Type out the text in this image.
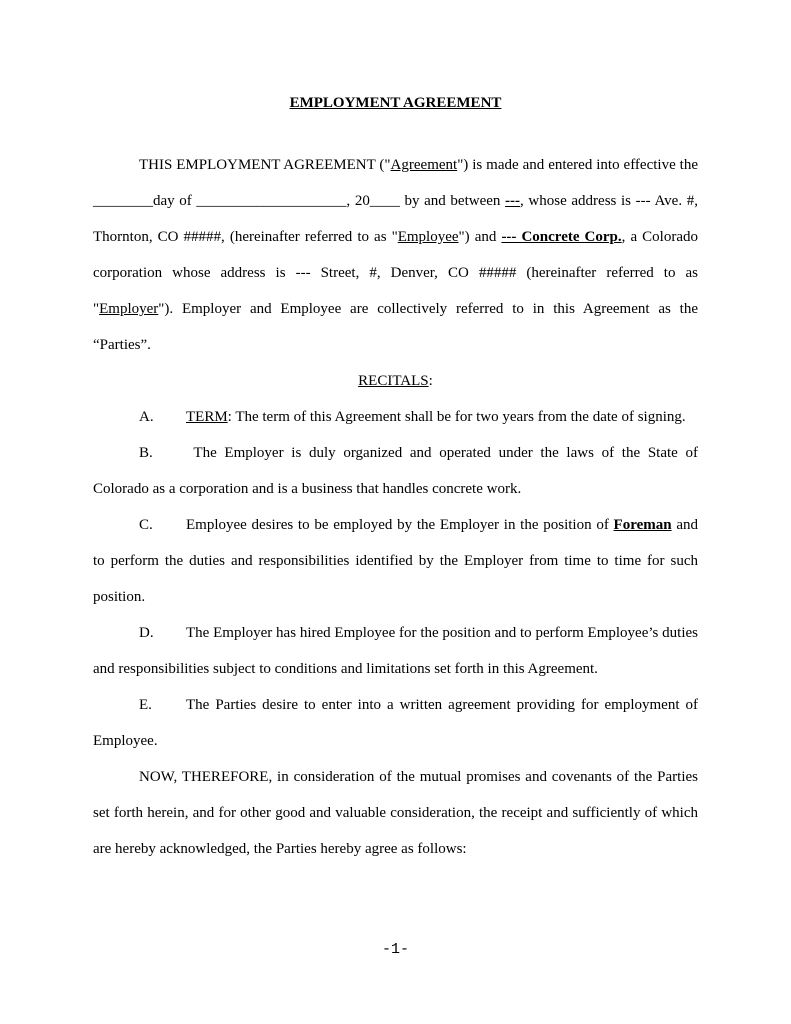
EMPLOYMENT AGREEMENT

THIS EMPLOYMENT AGREEMENT ("Agreement") is made and entered into effective the ________day of ____________________, 20____ by and between ---, whose address is --- Ave. #, Thornton, CO #####, (hereinafter referred to as "Employee") and --- Concrete Corp., a Colorado corporation whose address is --- Street, #, Denver, CO ##### (hereinafter referred to as "Employer"). Employer and Employee are collectively referred to in this Agreement as the “Parties”.

RECITALS:

A.	TERM: The term of this Agreement shall be for two years from the date of signing.

B. The Employer is duly organized and operated under the laws of the State of Colorado as a corporation and is a business that handles concrete work.

C. Employee desires to be employed by the Employer in the position of Foreman and to perform the duties and responsibilities identified by the Employer from time to time for such position.

D. The Employer has hired Employee for the position and to perform Employee’s duties and responsibilities subject to conditions and limitations set forth in this Agreement.

E. The Parties desire to enter into a written agreement providing for employment of Employee.

NOW, THEREFORE, in consideration of the mutual promises and covenants of the Parties set forth herein, and for other good and valuable consideration, the receipt and sufficiently of which are hereby acknowledged, the Parties hereby agree as follows:

-1-
